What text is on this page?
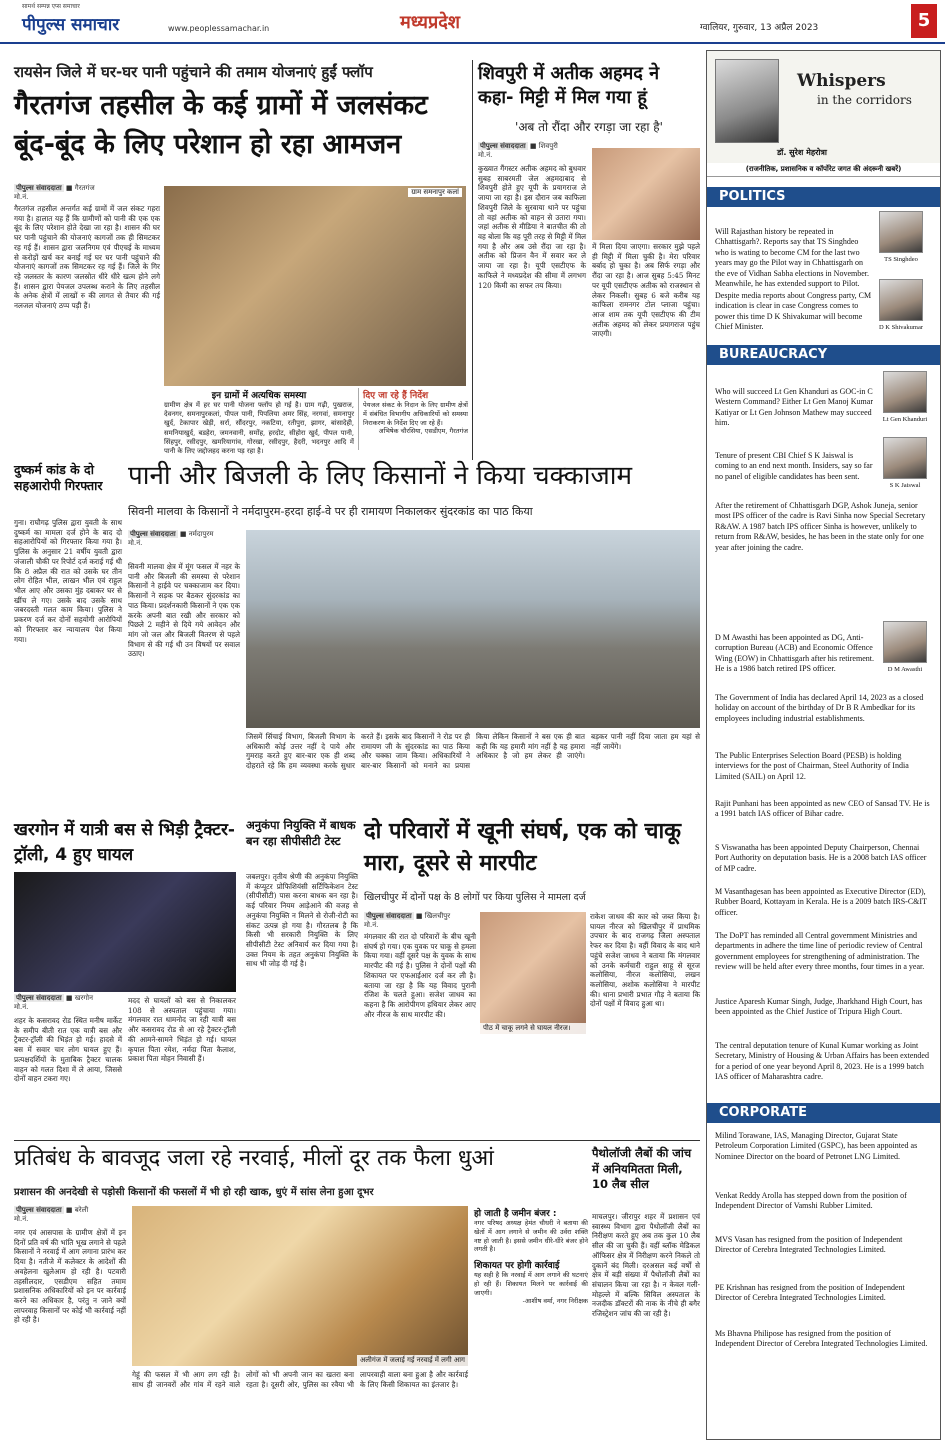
सामर्थ सम्पन्न एप्स समाचार
पीपुल्स समाचार	www.peoplessamachar.in	मध्यप्रदेश	ग्वालियर, गुरुवार, 13 अप्रैल 2023	5
रायसेन जिले में घर-घर पानी पहुंचाने की तमाम योजनाएं हुईं फ्लॉप
गैरतगंज तहसील के कई ग्रामों में जलसंकट बूंद-बूंद के लिए परेशान हो रहा आमजन
पीपुल्स संवाददाता ■ गैरतगंज
मो.नं.
गैरतगंज तहसील अन्तर्गत कई ग्रामों में जल संकट गहरा गया है। हालात यह हैं कि ग्रामीणों को पानी की एक एक बूंद के लिए परेशान होते देखा जा रहा है। शासन की घर घर पानी पहुंचाने की योजनाएं कागजों तक ही सिमटकर रह गई हैं। शासन द्वारा जलनिगम एवं पीएचई के माध्यम से करोड़ों खर्च कर बनाई गई घर घर पानी पहुंचाने की योजनाएं कागजों तक सिमटकर रह गई हैं। जिले के गिर रहे जलस्तर के कारण जलस्रोत धीरे धीरे खत्म होने लगे हैं। शासन द्वारा पेयजल उपलब्ध कराने के लिए तहसील के अनेक क्षेत्रों में लाखों रु की लागत से तैयार की गई नलजल योजनाएं ठप्प पड़ी हैं।
ग्राम समनापुर कलां
इन ग्रामों में अत्यधिक समस्या
ग्रामीण क्षेत्र में हर घर पानी योजना फ्लॉप हो गई है। ग्राम गढ़ी, पुखराज, देवनगर, समनापुरकलां, पीपल पानी, पिपलिया अमर सिंह, नरगवां, समनापुर खुर्द, टेकापार खेड़ी, सर्रा, सौंदरपुर, नकटिया, रतीपुरा, झागर, बांसादेही, समनियाखुर्द, बडहेरा, जमनवानी, समोंह, हरदोट, सीहोरा खुर्द, पीपल पानी, सिंहपुर, रसीदपुर, खमरियागांव, गोरखा, रसीदपुर, हैदरी, भदनपुर आदि में पानी के लिए जद्दोजहद करना पड़ रहा है।
दिए जा रहे हैं निर्देश
पेयजल संकट के निदान के लिए ग्रामीण क्षेत्रों में संबंधित विभागीय अधिकारियों को समस्या निराकरण के निर्देश दिए जा रहे हैं।
अभिषेक चौरसिया, एसडीएम, गैरतगंज
शिवपुरी में अतीक अहमद ने कहा- मिट्टी में मिल गया हूं
'अब तो रौंदा और रगड़ा जा रहा है'
पीपुल्स संवाददाता ■ शिवपुरी
मो.नं.
कुख्यात गैंगस्टर अतीक अहमद को बुधवार सुबह साबरमती जेल अहमदाबाद से शिवपुरी होते हुए यूपी के प्रयागराज ले जाया जा रहा है। इस दौरान जब काफिला शिवपुरी जिले के सुरवाया थाने पर पहुंचा तो वहां अतीक को वाहन से उतारा गया। जहां अतीक से मीडिया ने बातचीत की तो वह बोला कि वह पूरी तरह से मिट्टी में मिल गया है और अब उसे रौंदा जा रहा है। अतीक को प्रिजन वैन में सवार कर ले जाया जा रहा है। यूपी एसटीएफ के काफिले ने मध्यप्रदेश की सीमा में लगभग 120 किमी का सफर तय किया।
में मिला दिया जाएगा। सरकार मुझे पहले ही मिट्टी में मिला चुकी है। मेरा परिवार बर्बाद हो चुका है। अब सिर्फ रगड़ा और रौंदा जा रहा है। आज सुबह 5:45 मिनट पर यूपी एसटीएफ अतीक को राजस्थान से लेकर निकली। सुबह 6 बजे करीब यह काफिला रामनगर टोल प्लाजा पहुंचा। आज शाम तक यूपी एसटीएफ की टीम अतीक अहमद को लेकर प्रयागराज पहुंच जाएगी।
दुष्कर्म कांड के दो सहआरोपी गिरफ्तार
गुना। राघौगढ़ पुलिस द्वारा युवती के साथ दुष्कर्म का मामला दर्ज होने के बाद दो सहआरोपियों को गिरफ्तार किया गया है। पुलिस के अनुसार 21 वर्षीय युवती द्वारा जंजाली चौकी पर रिपोर्ट दर्ज कराई गई थी कि 8 अप्रैल की रात को उसके घर तीन लोग रोहित भील, लाखन भील एवं राहुल भील आए और उसका मुंह दबाकर घर से खींच ले गए। उसके बाद उसके साथ जबरदस्ती गलत काम किया। पुलिस ने प्रकरण दर्ज कर दोनों सहयोगी आरोपियों को गिरफ्तार कर न्यायालय पेश किया गया।
पानी और बिजली के लिए किसानों ने किया चक्काजाम
सिवनी मालवा के किसानों ने नर्मदापुरम-हरदा हाई-वे पर ही रामायण निकालकर सुंदरकांड का पाठ किया
पीपुल्स संवाददाता ■ नर्मदापुरम
मो.नं.
सिवनी मालवा क्षेत्र में मूंग फसल में नहर के पानी और बिजली की समस्या से परेशान किसानों ने हाईवे पर चक्काजाम कर दिया। किसानों ने सड़क पर बैठकर सुंदरकांड का पाठ किया। प्रदर्शनकारी किसानों ने एक एक करके अपनी बात रखी और सरकार को पिछले 2 महीने से दिये गये आवेदन और मांग जो जल और बिजली वितरण से पहले विभाग से की गई थी उन विषयों पर सवाल उठाए।
जिसमें सिंचाई विभाग, बिजली विभाग के अधिकारी कोई उत्तर नहीं दे पाये और गुमराह करते हुए बार-बार एक ही शब्द दोहराते रहे कि हम व्यवस्था करके सुधार करते हैं। इसके बाद किसानों ने रोड पर ही रामायण जी के सुंदरकांड का पाठ किया और चक्का जाम किया। अधिकारियों ने बार-बार किसानों को मनाने का प्रयास किया लेकिन किसानों ने बस एक ही बात कही कि यह हमारी मांग नहीं है यह हमारा अधिकार है जो हम लेकर ही जाएंगे। बड़कर पानी नहीं दिया जाता हम यहां से नहीं जायेंगे।
खरगोन में यात्री बस से भिड़ी ट्रैक्टर-ट्रॉली, 4 हुए घायल
पीपुल्स संवाददाता ■ खरगोन
मो.नं.
शहर के कसरावद रोड स्थित मनीष मार्केट के समीप बीती रात एक यात्री बस और ट्रैक्टर-ट्रॉली की भिड़ंत हो गई। हादसे में बस में सवार चार लोग घायल हुए हैं। प्रत्यक्षदर्शियों के मुताबिक ट्रैक्टर चालक वाहन को गलत दिशा में ले आया, जिससे दोनों वाहन टकरा गए।
मदद से घायलों को बस से निकालकर 108 से अस्पताल पहुंचाया गया। मंगलवार रात धामनोद जा रही यात्री बस और कसरावद रोड से आ रहे ट्रैक्टर-ट्रॉली की आमने-सामने भिड़ंत हो गई। घायल कृपाल पिता रमेश, नर्मदा पिता कैलाश, प्रकाश पिता मोहन निवासी हैं।
अनुकंपा नियुक्ति में बाधक बन रहा सीपीसीटी टेस्ट
जबलपुर। तृतीय श्रेणी की अनुकंपा नियुक्ति में कंप्यूटर प्रोफिशियंसी सर्टिफिकेशन टेस्ट (सीपीसीटी) पास करना बाधक बन रहा है। कई परिवार नियम आड़ेआने की वजह से अनुकंपा नियुक्ति न मिलने से रोजी-रोटी का संकट उत्पन्न हो गया है। गौरतलब है कि किसी भी सरकारी नियुक्ति के लिए सीपीसीटी टेस्ट अनिवार्य कर दिया गया है। उक्त नियम के तहत अनुकंपा नियुक्ति के साथ भी जोड़ दी गई है।
दो परिवारों में खूनी संघर्ष, एक को चाकू मारा, दूसरे से मारपीट
खिलचीपुर में दोनों पक्ष के 8 लोगों पर किया पुलिस ने मामला दर्ज
पीपुल्स संवाददाता ■ खिलचीपुर
मो.नं.
मंगलवार की रात दो परिवारों के बीच खूनी संघर्ष हो गया। एक युवक पर चाकू से हमला किया गया। वहीं दूसरे पक्ष के युवक के साथ मारपीट की गई है। पुलिस ने दोनों पक्षों की शिकायत पर एफआईआर दर्ज कर ली है। बताया जा रहा है कि यह विवाद पुरानी रंजिश के चलते हुआ। सजेश जाधव का कहना है कि आरोपीगण हथियार लेकर आए और नीरज के साथ मारपीट की।
पीठ में चाकू लगने से घायल नीरज।
राकेश जाधव की कार को जब्त किया है। घायल नीरज को खिलचीपुर में प्राथमिक उपचार के बाद राजगढ़ जिला अस्पताल रेफर कर दिया है। वहीं विवाद के बाद थाने पहुंचे सजेश जाधव ने बताया कि मंगलवार को उनके कर्मचारी राहुल साहू से सूरज कलोसिया, नीरज कलोसिया, लखन कलोसिया, अशोक कलोसिया ने मारपीट की। थाना प्रभारी प्रभात गौड़ ने बताया कि दोनों पक्षों में विवाद हुआ था।
प्रतिबंध के बावजूद जला रहे नरवाई, मीलों दूर तक फैला धुआं
प्रशासन की अनदेखी से पड़ोसी किसानों की फसलों में भी हो रही खाक, धुएं में सांस लेना हुआ दूभर
पीपुल्स संवाददाता ■ बरेली
मो.नं.
नगर एवं आसपास के ग्रामीण क्षेत्रों में इन दिनों प्रति वर्ष की भांति भूख लगाने से पहले किसानों ने नरवाई में आग लगाना प्रारंभ कर दिया है। नतीजे में कलेक्टर के आदेशों की अवहेलना खुलेआम हो रही है। पटवारी तहसीलदार, एसडीएम सहित तमाम प्रशासनिक अधिकारियों को इन पर कार्रवाई करने का अधिकार है, परंतु न जाने क्यों लापरवाह किसानों पर कोई भी कार्रवाई नहीं हो रही है।
अलीगंज में जलाई गई नरवाई में लगी आग
गेहूं की फसल में भी आग लग रही है। साथ ही जानवरों और गांव में रहने वाले लोगों को भी अपनी जान का खतरा बना रहता है। दूसरी ओर, पुलिस का रवैया भी लापरवाही वाला बना हुआ है और कार्रवाई के लिए किसी शिकायत का इंतजार है।
हो जाती है जमीन बंजर :
नगर परिषद अध्यक्ष हेमंत चौधरी ने बताया की खेतों में आग लगाने से जमीन की उर्वरा शक्ति नष्ट हो जाती है। इससे जमीन धीरे-धीरे बंजर होने लगती है।
शिकायत पर होगी कार्रवाई
यह सही है कि नरवाई में आग लगाने की घटनाएं हो रही हैं। शिकायत मिलने पर कार्रवाई की जाएगी।
-आशीष वर्मा, नगर निरीक्षक
पैथोलॉजी लैबों की जांच में अनियमितता मिली, 10 लैब सील
माचलपुर। जीरापुर शहर में प्रशासन एवं स्वास्थ्य विभाग द्वारा पैथोलॉजी लैबों का निरीक्षण करते हुए अब तक कुल 10 लैब सील की जा चुकी हैं। वहीं ब्लॉक मेडिकल ऑफिसर क्षेत्र में निरीक्षण करने निकले तो दुकानें बंद मिली। दरअसल कई वर्षों से क्षेत्र में बड़ी संख्या में पैथोलॉजी लैबों का संचालन किया जा रहा है। न केवल गली-मोहल्ले में बल्कि सिविल अस्पताल के नजदीक डॉक्टरों की नाक के नीचे ही बगैर रजिस्ट्रेशन जांच की जा रही है।
Whispers
in the corridors
डॉ. सुरेश मेहरोत्रा
(राजनीतिक, प्रशासनिक व कॉर्पोरेट जगत की अंदरूनी खबरें)
POLITICS
Will Rajasthan history be repeated in Chhattisgarh?. Reports say that TS Singhdeo who is wating to become CM for the last two years may go the Pilot way in Chhattisgarh on the eve of Vidhan Sabha elections in November. Meanwhile, he has extended support to Pilot.
TS Singhdeo
Despite media reports about Congress party, CM indication is clear in case Congress comes to power this time D K Shivakumar will become Chief Minister.	D K Shivakumar
BUREAUCRACY
Who will succeed Lt Gen Khanduri as GOC-in C Western Command? Either Lt Gen Manoj Kumar Katiyar or Lt Gen Johnson Mathew may succeed him.	Lt Gen Khanduri
Tenure of present CBI Chief S K Jaiswal is coming to an end next month. Insiders, say so far no panel of eligible candidates has been sent.
S K Jaiswal
After the retirement of Chhattisgarh DGP, Ashok Juneja, senior most IPS officer of the cadre is Ravi Sinha now Special Secretary R&AW. A 1987 batch IPS officer Sinha is however, unlikely to return from R&AW, besides, he has been in the state only for one year after joining the cadre.
D M Awasthi has been appointed as DG, Anti-corruption Bureau (ACB) and Economic Offence Wing (EOW) in Chhattisgarh after his retirement. He is a 1986 batch retired IPS officer.	D M Awasthi
The Government of India has declared April 14, 2023 as a closed holiday on account of the birthday of Dr B R Ambedkar for its employees including industrial establishments.
The Public Enterprises Selection Board (PESB) is holding interviews for the post of Chairman, Steel Authority of India Limited (SAIL) on April 12.
Rajit Punhani has been appointed as new CEO of Sansad TV. He is a 1991 batch IAS officer of Bihar cadre.
S Viswanatha has been appointed Deputy Chairperson, Chennai Port Authority on deputation basis. He is a 2008 batch IAS officer of MP cadre.
M Vasanthagesan has been appointed as Executive Director (ED), Rubber Board, Kottayam in Kerala. He is a 2009 batch IRS-C&IT officer.
The DoPT has reminded all Central government Ministries and departments in adhere the time line of periodic review of Central government employees for strengthening of administration. The review will be held after every three months, four times in a year.
Justice Aparesh Kumar Singh, Judge, Jharkhand High Court, has been appointed as the Chief Justice of Tripura High Court.
The central deputation tenure of Kunal Kumar working as Joint Secretary, Ministry of Housing & Urban Affairs has been extended for a period of one year beyond April 8, 2023. He is a 1999 batch IAS officer of Maharashtra cadre.
CORPORATE
Milind Torawane, IAS, Managing Director, Gujarat State Petroleum Corporation Limited (GSPC), has been appointed as Nominee Director on the board of Petronet LNG Limited.
Venkat Reddy Arolla has stepped down from the position of Independent Director of Vamshi Rubber Limited.
MVS Vasan has resigned from the position of Independent Director of Cerebra Integrated Technologies Limited.
PE Krishnan has resigned from the position of Independent Director of Cerebra Integrated Technologies Limited.
Ms Bhavna Philipose has resigned from the position of Independent Director of Cerebra Integrated Technologies Limited.
